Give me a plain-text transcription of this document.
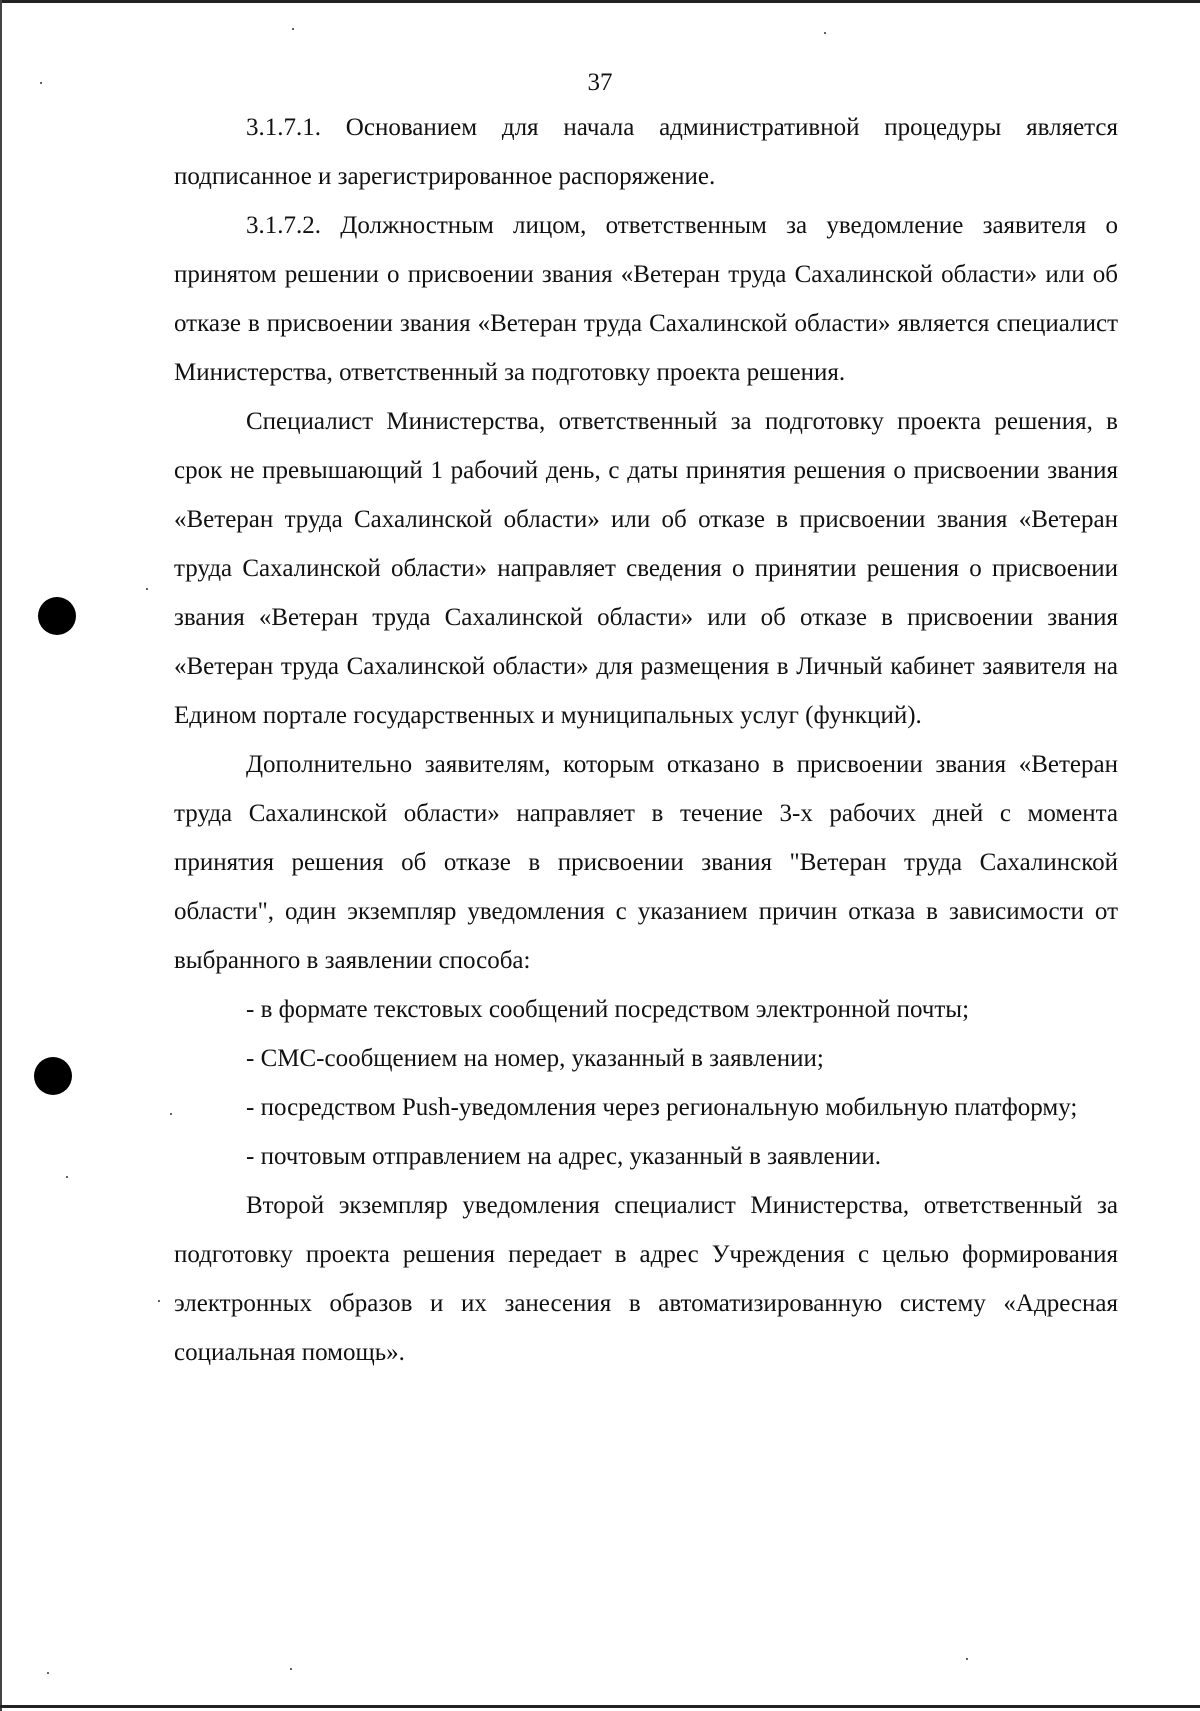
37

3.1.7.1. Основанием для начала административной процедуры является подписанное и зарегистрированное распоряжение.

3.1.7.2. Должностным лицом, ответственным за уведомление заявителя о принятом решении о присвоении звания «Ветеран труда Сахалинской области» или об отказе в присвоении звания «Ветеран труда Сахалинской области» является специалист Министерства, ответственный за подготовку проекта решения.

Специалист Министерства, ответственный за подготовку проекта решения, в срок не превышающий 1 рабочий день, с даты принятия решения о присвоении звания «Ветеран труда Сахалинской области» или об отказе в присвоении звания «Ветеран труда Сахалинской области» направляет сведения о принятии решения о присвоении звания «Ветеран труда Сахалинской области» или об отказе в присвоении звания «Ветеран труда Сахалинской области» для размещения в Личный кабинет заявителя на Едином портале государственных и муниципальных услуг (функций).

Дополнительно заявителям, которым отказано в присвоении звания «Ветеран труда Сахалинской области» направляет в течение 3-х рабочих дней с момента принятия решения об отказе в присвоении звания "Ветеран труда Сахалинской области", один экземпляр уведомления с указанием причин отказа в зависимости от выбранного в заявлении способа:

- в формате текстовых сообщений посредством электронной почты;

- СМС-сообщением на номер, указанный в заявлении;

- посредством Push-уведомления через региональную мобильную платформу;

- почтовым отправлением на адрес, указанный в заявлении.

Второй экземпляр уведомления специалист Министерства, ответственный за подготовку проекта решения передает в адрес Учреждения с целью формирования электронных образов и их занесения в автоматизированную систему «Адресная социальная помощь».
